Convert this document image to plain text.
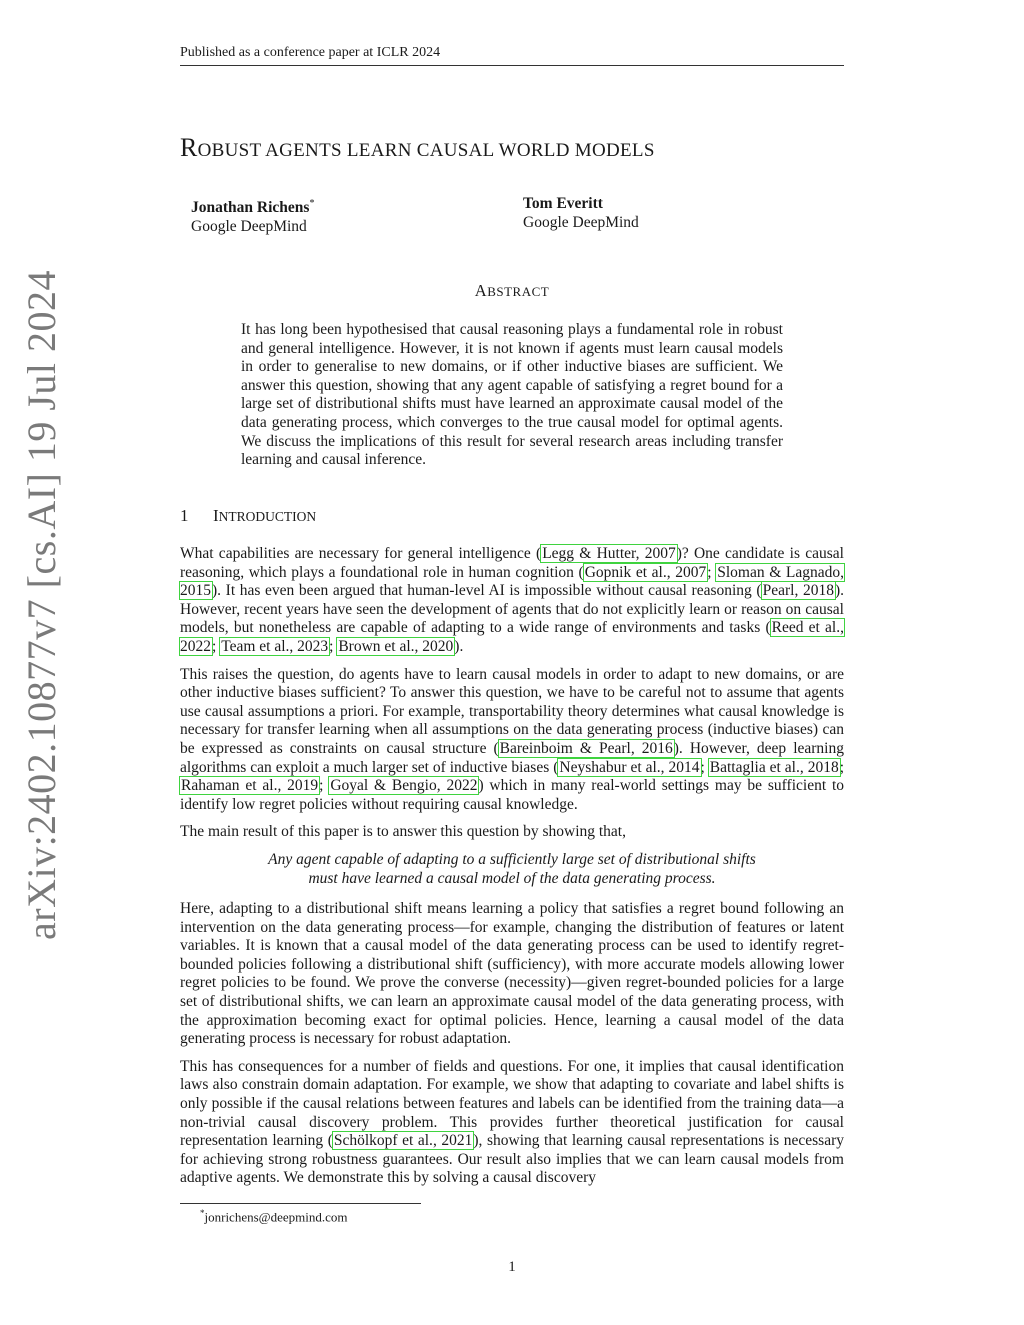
Published as a conference paper at ICLR 2024
ROBUST AGENTS LEARN CAUSAL WORLD MODELS
Jonathan Richens*
Google DeepMind
Tom Everitt
Google DeepMind
ABSTRACT

It has long been hypothesised that causal reasoning plays a fundamental role in robust and general intelligence. However, it is not known if agents must learn causal models in order to generalise to new domains, or if other inductive biases are sufficient. We answer this question, showing that any agent capable of satisfying a regret bound for a large set of distributional shifts must have learned an approximate causal model of the data generating process, which converges to the true causal model for optimal agents. We discuss the implications of this result for several research areas including transfer learning and causal inference.

1 INTRODUCTION

What capabilities are necessary for general intelligence (Legg & Hutter, 2007)? One candidate is causal reasoning, which plays a foundational role in human cognition (Gopnik et al., 2007; Sloman & Lagnado, 2015). It has even been argued that human-level AI is impossible without causal reasoning (Pearl, 2018). However, recent years have seen the development of agents that do not explicitly learn or reason on causal models, but nonetheless are capable of adapting to a wide range of environments and tasks (Reed et al., 2022; Team et al., 2023; Brown et al., 2020).

This raises the question, do agents have to learn causal models in order to adapt to new domains, or are other inductive biases sufficient? To answer this question, we have to be careful not to assume that agents use causal assumptions a priori. For example, transportability theory determines what causal knowledge is necessary for transfer learning when all assumptions on the data generating process (inductive biases) can be expressed as constraints on causal structure (Bareinboim & Pearl, 2016). However, deep learning algorithms can exploit a much larger set of inductive biases (Neyshabur et al., 2014; Battaglia et al., 2018; Rahaman et al., 2019; Goyal & Bengio, 2022) which in many real-world settings may be sufficient to identify low regret policies without requiring causal knowledge.

The main result of this paper is to answer this question by showing that,

Any agent capable of adapting to a sufficiently large set of distributional shifts
must have learned a causal model of the data generating process.

Here, adapting to a distributional shift means learning a policy that satisfies a regret bound following an intervention on the data generating process—for example, changing the distribution of features or latent variables. It is known that a causal model of the data generating process can be used to identify regret-bounded policies following a distributional shift (sufficiency), with more accurate models allowing lower regret policies to be found. We prove the converse (necessity)—given regret-bounded policies for a large set of distributional shifts, we can learn an approximate causal model of the data generating process, with the approximation becoming exact for optimal policies. Hence, learning a causal model of the data generating process is necessary for robust adaptation.

This has consequences for a number of fields and questions. For one, it implies that causal identification laws also constrain domain adaptation. For example, we show that adapting to covariate and label shifts is only possible if the causal relations between features and labels can be identified from the training data—a non-trivial causal discovery problem. This provides further theoretical justification for causal representation learning (Schölkopf et al., 2021), showing that learning causal representations is necessary for achieving strong robustness guarantees. Our result also implies that we can learn causal models from adaptive agents. We demonstrate this by solving a causal discovery

arXiv:2402.10877v7 [cs.AI] 19 Jul 2024
*jonrichens@deepmind.com
1
